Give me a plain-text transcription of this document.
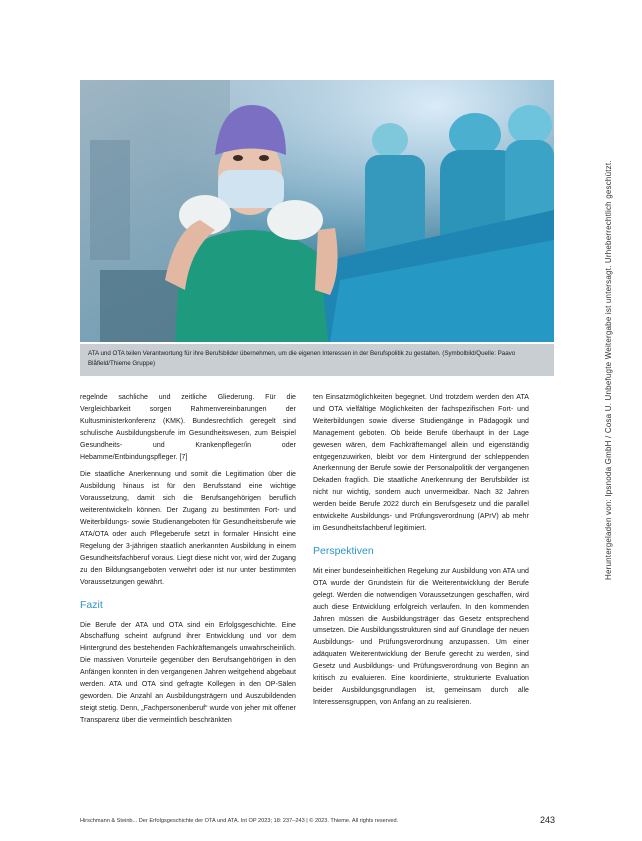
ATA und OTA teilen Verantwortung für ihre Berufsbilder übernehmen, um die eigenen Interessen in der Berufspolitik zu gestalten. (Symbolbild/Quelle: Paavo Blåfield/Thieme Gruppe)

regelnde sachliche und zeitliche Gliederung. Für die Vergleichbarkeit sorgen Rahmenvereinbarungen der Kultusministerkonferenz (KMK). Bundesrechtlich geregelt sind schulische Ausbildungsberufe im Gesundheitswesen, zum Beispiel Gesundheits- und Krankenpfleger/in oder Hebamme/Entbindungspfleger. [7]

Die staatliche Anerkennung und somit die Legitimation über die Ausbildung hinaus ist für den Berufsstand eine wichtige Voraussetzung, damit sich die Berufsangehörigen beruflich weiterentwickeln können. Der Zugang zu bestimmten Fort- und Weiterbildungs- sowie Studienangeboten für Gesundheitsberufe wie ATA/OTA oder auch Pflegeberufe setzt in formaler Hinsicht eine Regelung der 3-jährigen staatlich anerkannten Ausbildung in einem Gesundheitsfachberuf voraus. Liegt diese nicht vor, wird der Zugang zu den Bildungsangeboten verwehrt oder ist nur unter bestimmten Voraussetzungen gewährt.

Fazit

Die Berufe der ATA und OTA sind ein Erfolgsgeschichte. Eine Abschaffung scheint aufgrund ihrer Entwicklung und vor dem Hintergrund des bestehenden Fachkräftemangels unwahrscheinlich. Die massiven Vorurteile gegenüber den Berufsangehörigen in den Anfängen konnten in den vergangenen Jahren weitgehend abgebaut werden. ATA und OTA sind gefragte Kollegen in den OP-Sälen geworden. Die Anzahl an Ausbildungsträgern und Auszubildenden steigt stetig. Denn, „Fachpersonenberuf“ wurde von jeher mit offener Transparenz über die vermeintlich beschränkten

ten Einsatzmöglichkeiten begegnet. Und trotzdem werden den ATA und OTA vielfältige Möglichkeiten der fachspezifischen Fort- und Weiterbildungen sowie diverse Studiengänge in Pädagogik und Management geboten. Ob beide Berufe überhaupt in der Lage gewesen wären, dem Fachkräftemangel allein und eigenständig entgegenzuwirken, bleibt vor dem Hintergrund der schleppenden Anerkennung der Berufe sowie der Personalpolitik der vergangenen Dekaden fraglich. Die staatliche Anerkennung der Berufsbilder ist nicht nur wichtig, sondern auch unvermeidbar. Nach 32 Jahren werden beide Berufe 2022 durch ein Berufsgesetz und die parallel entwickelte Ausbildungs- und Prüfungsverordnung (APrV) ab mehr im Gesundheitsfachberuf legitimiert.

Perspektiven

Mit einer bundeseinheitlichen Regelung zur Ausbildung von ATA und OTA wurde der Grundstein für die Weiterentwicklung der Berufe gelegt. Werden die notwendigen Voraussetzungen geschaffen, wird auch diese Entwicklung erfolgreich verlaufen. In den kommenden Jahren müssen die Ausbildungsträger das Gesetz entsprechend umsetzen. Die Ausbildungsstrukturen sind auf Grundlage der neuen Ausbildungs- und Prüfungsverordnung anzupassen. Um einer adäquaten Weiterentwicklung der Berufe gerecht zu werden, sind Gesetz und Ausbildungs- und Prüfungsverordnung von Beginn an kritisch zu evaluieren. Eine koordinierte, strukturierte Evaluation beider Ausbildungsgrundlagen ist, gemeinsam durch alle Interessensgruppen, von Anfang an zu realisieren.

Heruntergeladen von: Ipsnoda GmbH / Cosa U. Unbefugte Weitergabe ist untersagt. Urheberrechtlich geschützt.
Hirschmann & Steinb... Der Erfolgsgeschichte der OTA und ATA. Int OP 2023; 18: 237–243 | © 2023. Thieme. All rights reserved.	243
